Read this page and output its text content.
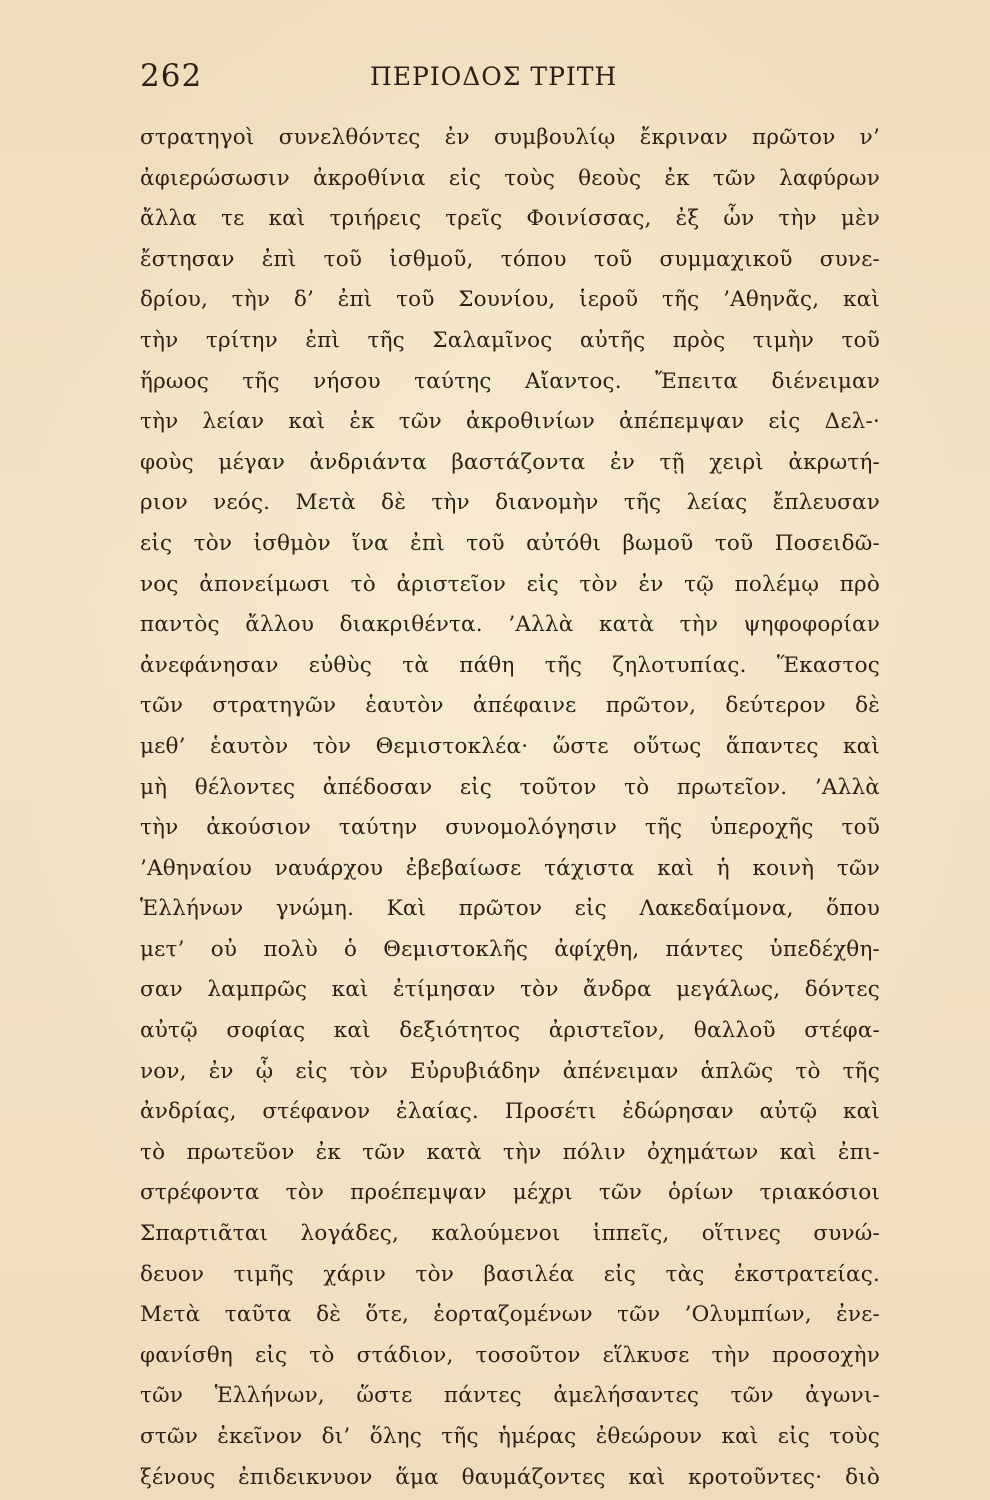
262	ΠΕΡΙΟΔΟΣ ΤΡΙΤΗ
στρατηγοὶ συνελθόντες ἐν συμβουλίῳ ἔκριναν πρῶτον ν’
ἀφιερώσωσιν ἀκροθίνια εἰς τοὺς θεοὺς ἐκ τῶν λαφύρων
ἄλλα τε καὶ τριήρεις τρεῖς Φοινίσσας, ἐξ ὧν τὴν μὲν
ἔστησαν ἐπὶ τοῦ ἰσθμοῦ, τόπου τοῦ συμμαχικοῦ συνε-
δρίου, τὴν δ’ ἐπὶ τοῦ Σουνίου, ἱεροῦ τῆς ’Αθηνᾶς, καὶ
τὴν τρίτην ἐπὶ τῆς Σαλαμῖνος αὐτῆς πρὸς τιμὴν τοῦ
ἥρωος τῆς νήσου ταύτης Αἴαντος. Ἔπειτα διένειμαν
τὴν λείαν καὶ ἐκ τῶν ἀκροθινίων ἀπέπεμψαν εἰς Δελ-·
φοὺς μέγαν ἀνδριάντα βαστάζοντα ἐν τῇ χειρὶ ἀκρωτή-
ριον νεός. Μετὰ δὲ τὴν διανομὴν τῆς λείας ἔπλευσαν
εἰς τὸν ἰσθμὸν ἵνα ἐπὶ τοῦ αὐτόθι βωμοῦ τοῦ Ποσειδῶ-
νος ἀπονείμωσι τὸ ἀριστεῖον εἰς τὸν ἐν τῷ πολέμῳ πρὸ
παντὸς ἄλλου διακριθέντα. ’Αλλὰ κατὰ τὴν ψηφοφορίαν
ἀνεφάνησαν εὐθὺς τὰ πάθη τῆς ζηλοτυπίας. Ἕκαστος
τῶν στρατηγῶν ἑαυτὸν ἀπέφαινε πρῶτον, δεύτερον δὲ
μεθ’ ἑαυτὸν τὸν Θεμιστοκλέα· ὥστε οὕτως ἅπαντες καὶ
μὴ θέλοντες ἀπέδοσαν εἰς τοῦτον τὸ πρωτεῖον. ’Αλλὰ
τὴν ἀκούσιον ταύτην συνομολόγησιν τῆς ὑπεροχῆς τοῦ
’Αθηναίου ναυάρχου ἐβεβαίωσε τάχιστα καὶ ἡ κοινὴ τῶν
Ἑλλήνων γνώμη. Καὶ πρῶτον εἰς Λακεδαίμονα, ὅπου
μετ’ οὐ πολὺ ὁ Θεμιστοκλῆς ἀφίχθη, πάντες ὑπεδέχθη-
σαν λαμπρῶς καὶ ἐτίμησαν τὸν ἄνδρα μεγάλως, δόντες
αὐτῷ σοφίας καὶ δεξιότητος ἀριστεῖον, θαλλοῦ στέφα-
νον, ἐν ᾧ εἰς τὸν Εὐρυβιάδην ἀπένειμαν ἁπλῶς τὸ τῆς
ἀνδρίας, στέφανον ἐλαίας. Προσέτι ἐδώρησαν αὐτῷ καὶ
τὸ πρωτεῦον ἐκ τῶν κατὰ τὴν πόλιν ὀχημάτων καὶ ἐπι-
στρέφοντα τὸν προέπεμψαν μέχρι τῶν ὁρίων τριακόσιοι
Σπαρτιᾶται λογάδες, καλούμενοι ἱππεῖς, οἵτινες συνώ-
δευον τιμῆς χάριν τὸν βασιλέα εἰς τὰς ἐκστρατείας.
Μετὰ ταῦτα δὲ ὅτε, ἑορταζομένων τῶν ’Ολυμπίων, ἐνε-
φανίσθη εἰς τὸ στάδιον, τοσοῦτον εἵλκυσε τὴν προσοχὴν
τῶν Ἑλλήνων, ὥστε πάντες ἀμελήσαντες τῶν ἀγωνι-
στῶν ἐκεῖνον δι’ ὅλης τῆς ἡμέρας ἐθεώρουν καὶ εἰς τοὺς
ξένους ἐπιδεικνυον ἅμα θαυμάζοντες καὶ κροτοῦντες· διὸ
